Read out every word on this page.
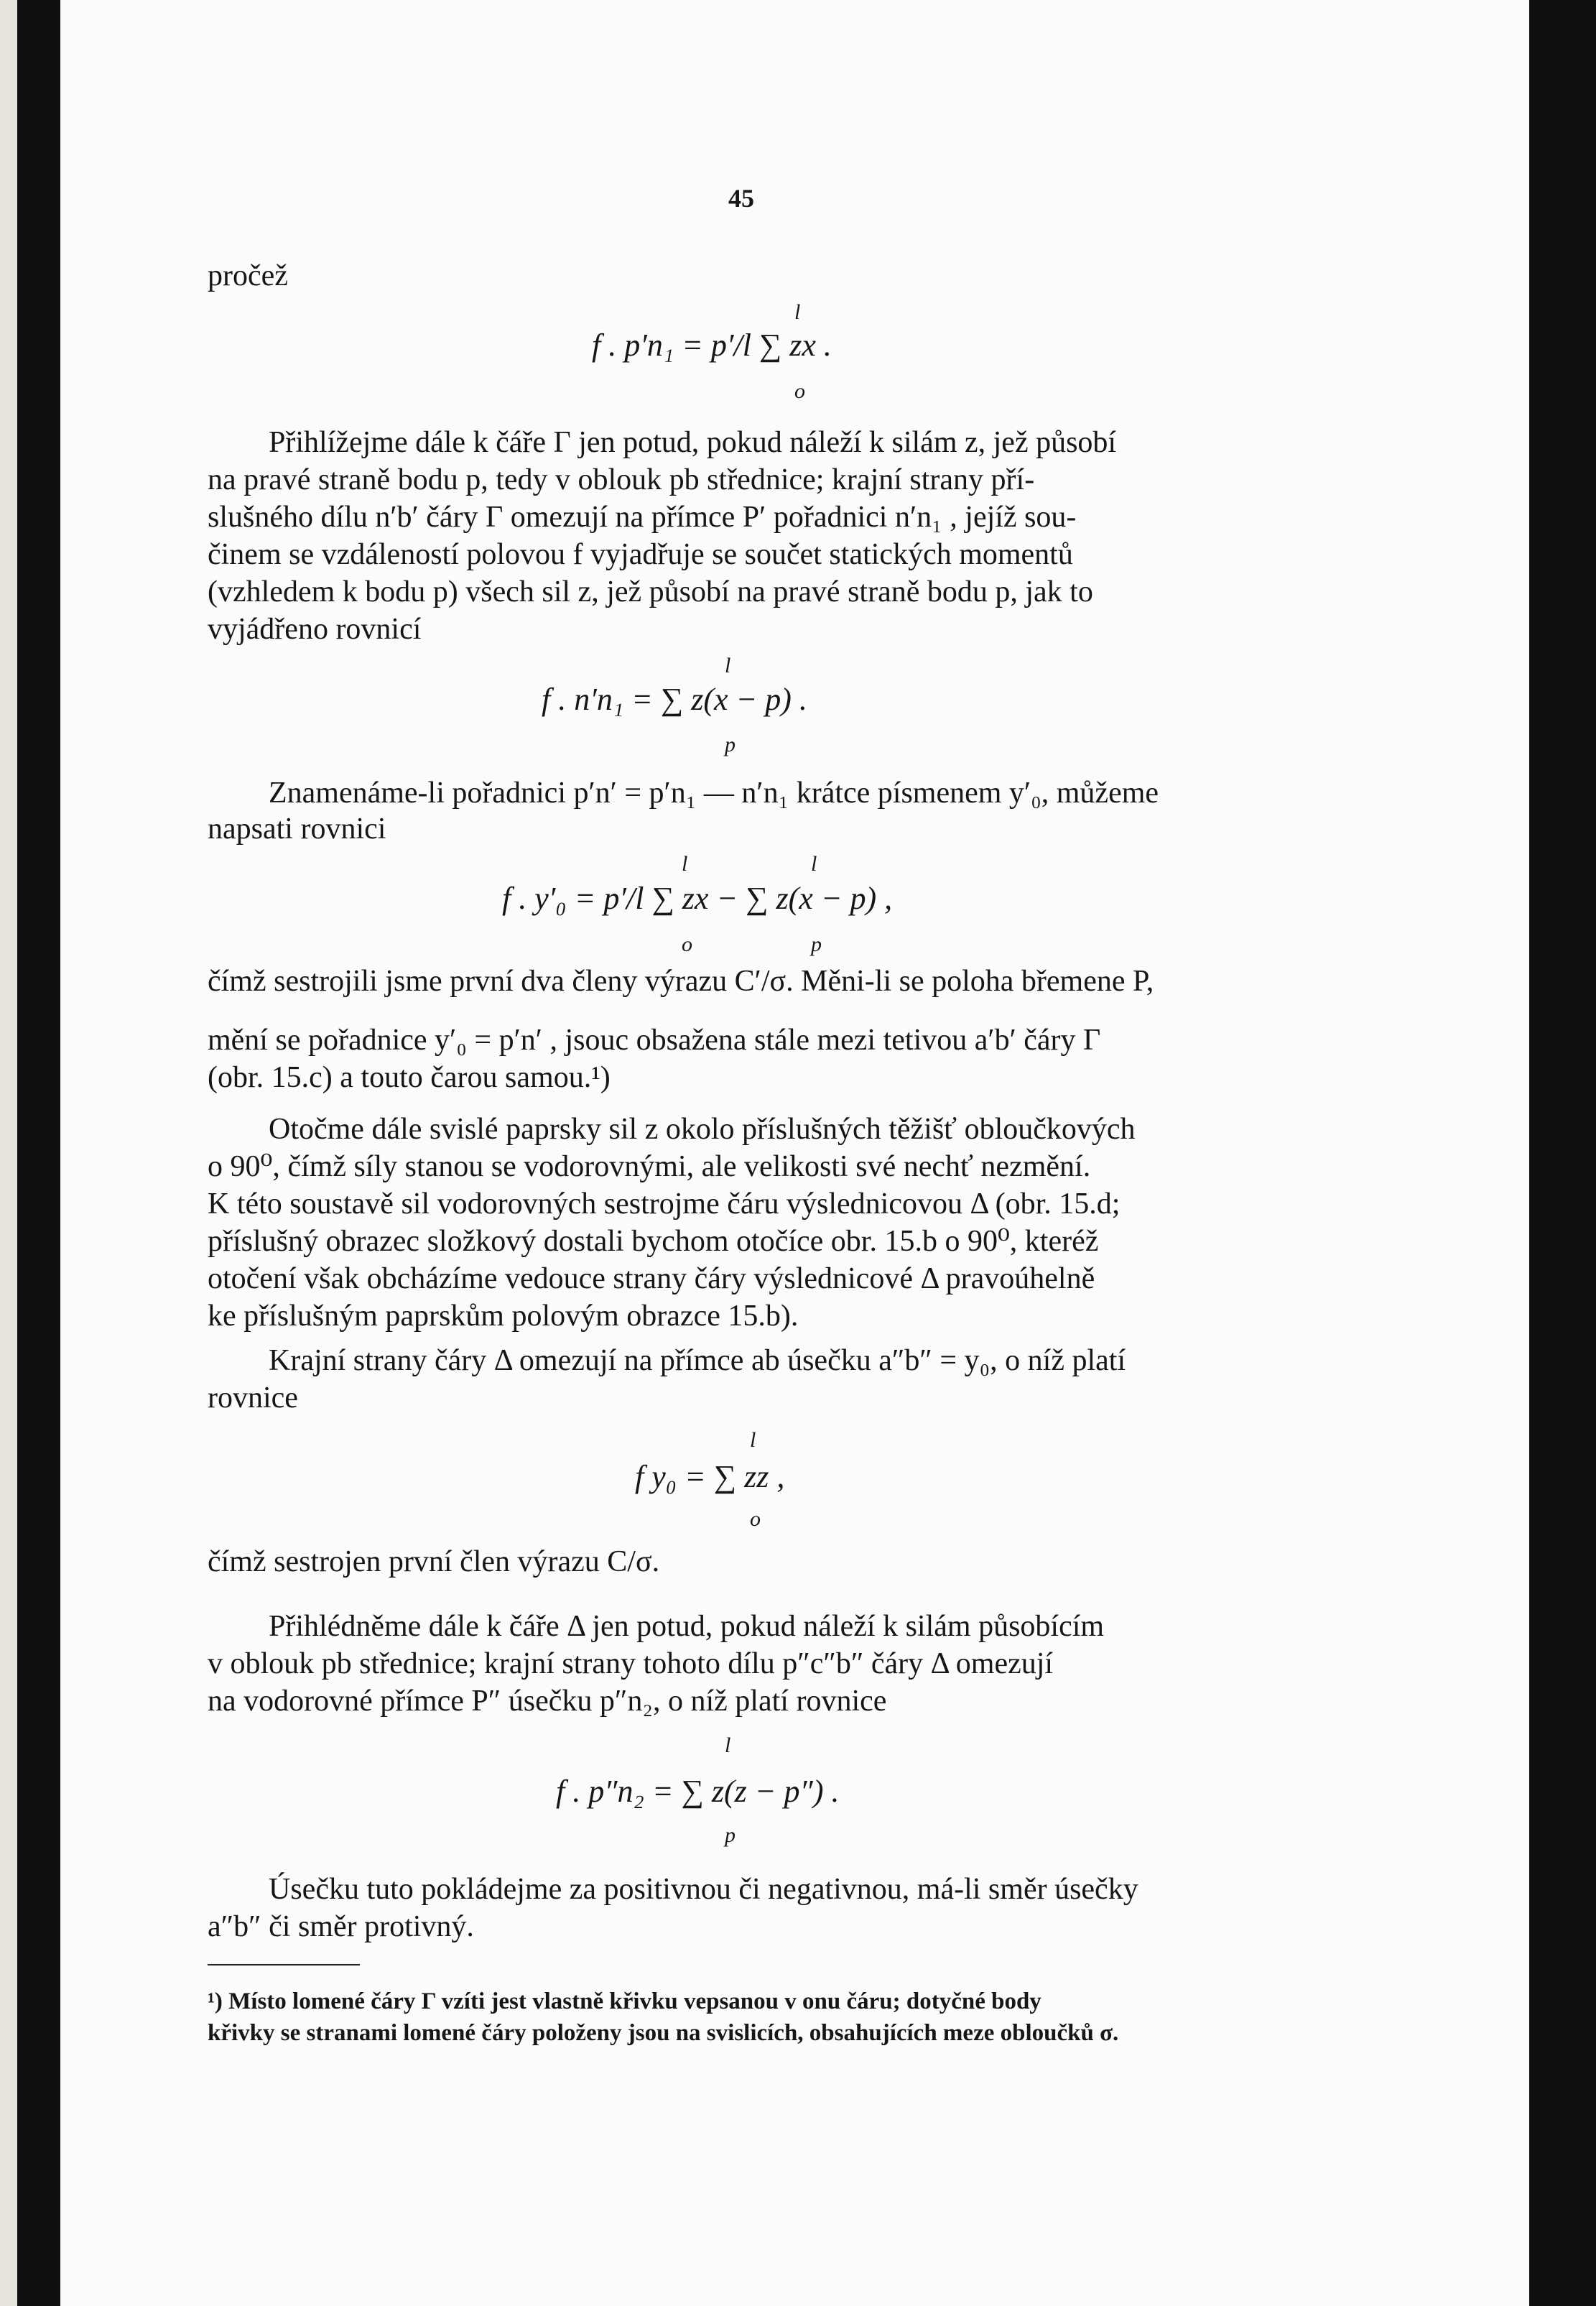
45
pročež
f . p′n₁ = p′/l ∑ zx .
l
o
Přihlížejme dále k čáře Γ jen potud, pokud náleží k silám z, jež působí
na pravé straně bodu p, tedy v oblouk pb střednice; krajní strany pří-
slušného dílu n′b′ čáry Γ omezují na přímce P′ pořadnici n′n₁ , jejíž sou-
činem se vzdáleností polovou f vyjadřuje se součet statických momentů
(vzhledem k bodu p) všech sil z, jež působí na pravé straně bodu p, jak to
vyjádřeno rovnicí
f . n′n₁ = ∑ z(x − p) .
l
p
Znamenáme-li pořadnici p′n′ = p′n₁ — n′n₁ krátce písmenem y′₀, můžeme
napsati rovnici
f . y′₀ = p′/l ∑ zx − ∑ z(x − p) ,
l
o
l
p
čímž sestrojili jsme první dva členy výrazu C′/σ. Měni-li se poloha břemene P,
mění se pořadnice y′₀ = p′n′ , jsouc obsažena stále mezi tetivou a′b′ čáry Γ
(obr. 15.c) a touto čarou samou.¹)
Otočme dále svislé paprsky sil z okolo příslušných těžišť obloučkových
o 90⁰, čímž síly stanou se vodorovnými, ale velikosti své nechť nezmění.
K této soustavě sil vodorovných sestrojme čáru výslednicovou Δ (obr. 15.d;
příslušný obrazec složkový dostali bychom otočíce obr. 15.b o 90⁰, kteréž
otočení však obcházíme vedouce strany čáry výslednicové Δ pravoúhelně
ke příslušným paprskům polovým obrazce 15.b).
Krajní strany čáry Δ omezují na přímce ab úsečku a″b″ = y₀, o níž platí
rovnice
f y₀ = ∑ zz ,
l
o
čímž sestrojen první člen výrazu C/σ.
Přihlédněme dále k čáře Δ jen potud, pokud náleží k silám působícím
v oblouk pb střednice; krajní strany tohoto dílu p″c″b″ čáry Δ omezují
na vodorovné přímce P″ úsečku p″n₂, o níž platí rovnice
f . p″n₂ = ∑ z(z − p″) .
l
p
Úsečku tuto pokládejme za positivnou či negativnou, má-li směr úsečky
a″b″ či směr protivný.
¹) Místo lomené čáry Γ vzíti jest vlastně křivku vepsanou v onu čáru; dotyčné body
křivky se stranami lomené čáry položeny jsou na svislicích, obsahujících meze obloučků σ.
